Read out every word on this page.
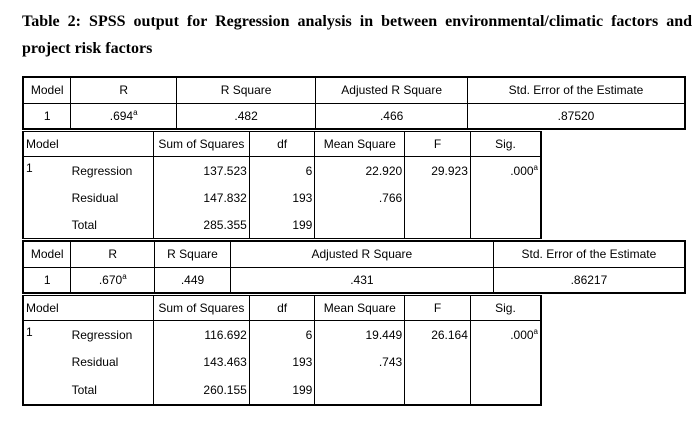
Table 2: SPSS output for Regression analysis in between environmental/climatic factors and project risk factors
Model	R	R Square	Adjusted R Square	Std. Error of the Estimate
1	.694$^a$	.482	.466	.87520
Model		Sum of Squares	df	Mean Square	F	Sig.
1	Regression	137.523	6	22.920	29.923	.000$^a$
	Residual	147.832	193	.766		
	Total	285.355	199			
Model	R	R Square	Adjusted R Square	Std. Error of the Estimate
1	.670$^a$	.449	.431	.86217
Model		Sum of Squares	df	Mean Square	F	Sig.
1	Regression	116.692	6	19.449	26.164	.000$^a$
	Residual	143.463	193	.743		
	Total	260.155	199			
